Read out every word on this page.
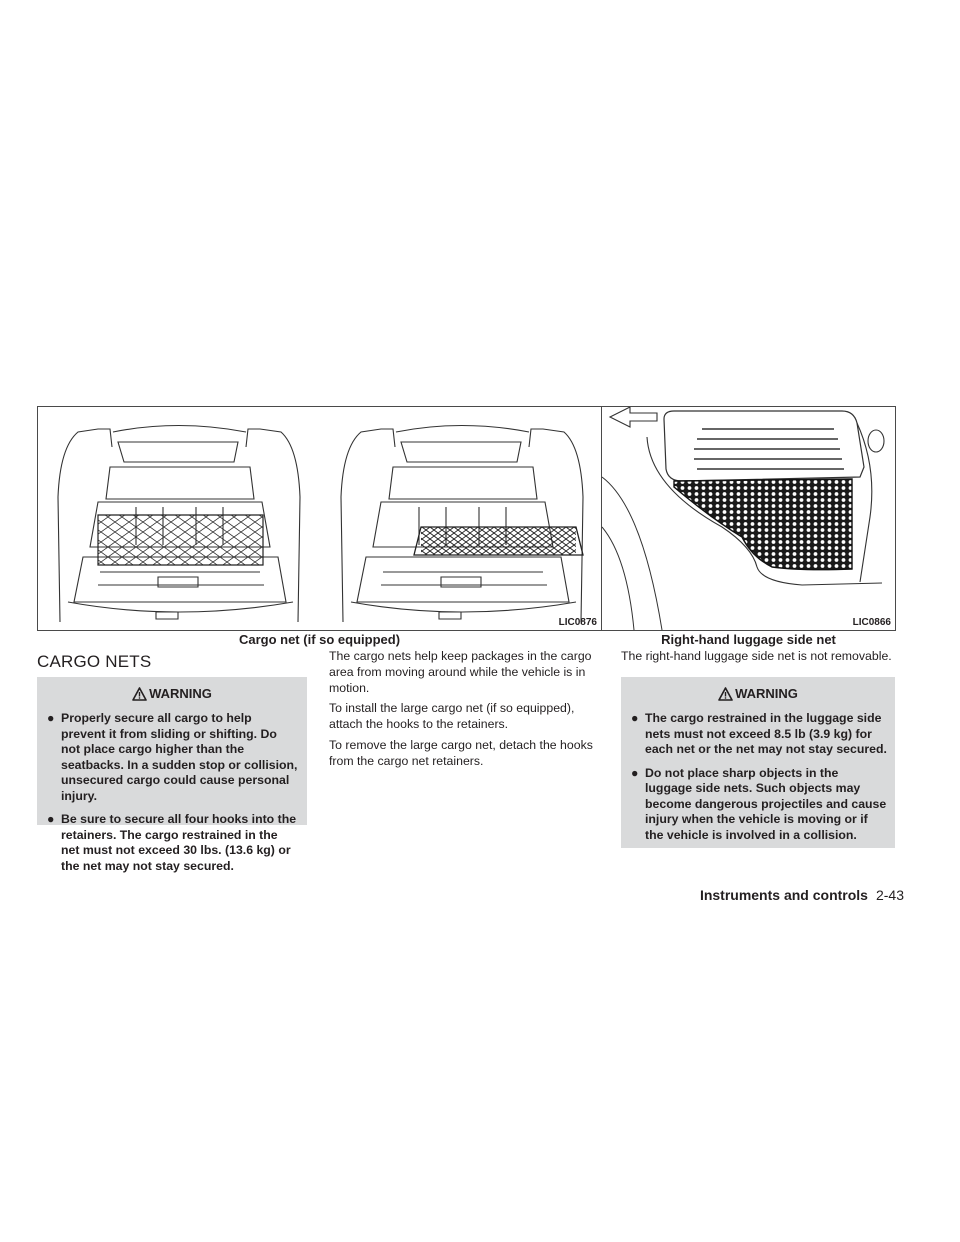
LIC0876
Cargo net (if so equipped)
LIC0866
Right-hand luggage side net
CARGO NETS
WARNING
● Properly secure all cargo to help prevent it from sliding or shifting. Do not place cargo higher than the seatbacks. In a sudden stop or collision, unsecured cargo could cause personal injury.
● Be sure to secure all four hooks into the retainers. The cargo restrained in the net must not exceed 30 lbs. (13.6 kg) or the net may not stay secured.

The cargo nets help keep packages in the cargo area from moving around while the vehicle is in motion.

To install the large cargo net (if so equipped), attach the hooks to the retainers.

To remove the large cargo net, detach the hooks from the cargo net retainers.

The right-hand luggage side net is not removable.

WARNING
● The cargo restrained in the luggage side nets must not exceed 8.5 lb (3.9 kg) for each net or the net may not stay secured.
● Do not place sharp objects in the luggage side nets. Such objects may become dangerous projectiles and cause injury when the vehicle is moving or if the vehicle is involved in a collision.
Instruments and controls 2-43
